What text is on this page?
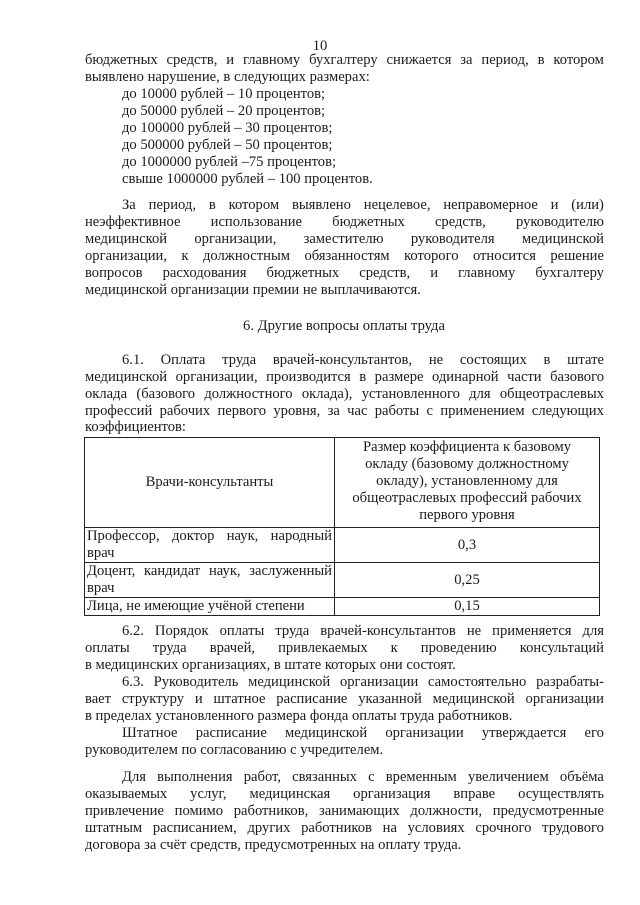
10
бюджетных средств, и главному бухгалтеру снижается за период, в котором
выявлено нарушение, в следующих размерах:
до 10000 рублей – 10 процентов;
до 50000 рублей – 20 процентов;
до 100000 рублей – 30 процентов;
до 500000 рублей – 50 процентов;
до 1000000 рублей –75 процентов;
свыше 1000000 рублей – 100 процентов.
За период, в котором выявлено нецелевое, неправомерное и (или)
неэффективное использование бюджетных средств, руководителю
медицинской организации, заместителю руководителя медицинской
организации, к должностным обязанностям которого относится решение
вопросов расходования бюджетных средств, и главному бухгалтеру
медицинской организации премии не выплачиваются.
6. Другие вопросы оплаты труда
6.1. Оплата труда врачей-консультантов, не состоящих в штате
медицинской организации, производится в размере одинарной части базового
оклада (базового должностного оклада), установленного для общеотраслевых
профессий рабочих первого уровня, за час работы с применением следующих
коэффициентов:
Врачи-консультанты	Размер коэффициента к базовому
окладу (базовому должностному
окладу), установленному для
общеотраслевых профессий рабочих
первого уровня

Профессор, доктор наук, народный
врач	0,3

Доцент, кандидат наук, заслуженный
врач	0,25

Лица, не имеющие учёной степени	0,15
6.2. Порядок оплаты труда врачей-консультантов не применяется для
оплаты труда врачей, привлекаемых к проведению консультаций
в медицинских организациях, в штате которых они состоят.
6.3. Руководитель медицинской организации самостоятельно разрабаты-
вает структуру и штатное расписание указанной медицинской организации
в пределах установленного размера фонда оплаты труда работников.
Штатное расписание медицинской организации утверждается его
руководителем по согласованию с учредителем.
Для выполнения работ, связанных с временным увеличением объёма
оказываемых услуг, медицинская организация вправе осуществлять
привлечение помимо работников, занимающих должности, предусмотренные
штатным расписанием, других работников на условиях срочного трудового
договора за счёт средств, предусмотренных на оплату труда.
